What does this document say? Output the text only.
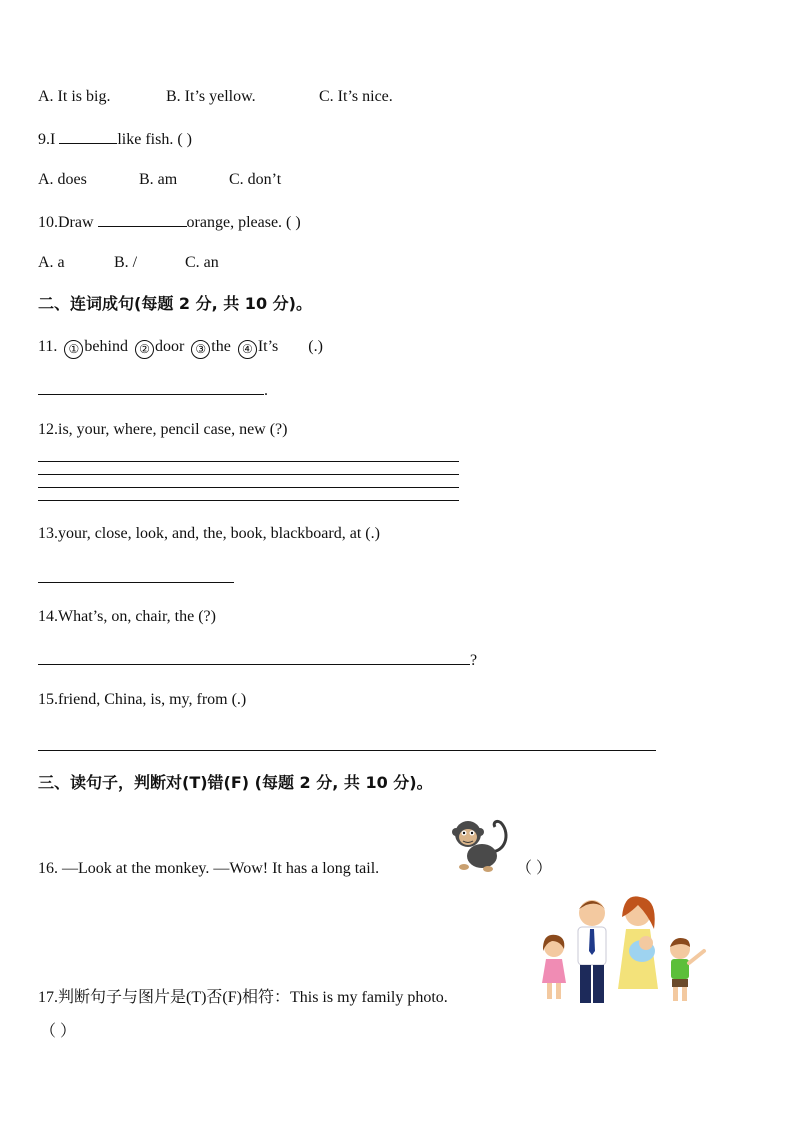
A. It is big.	B. It’s yellow.	C. It’s nice.
9.I	like fish. ( )
A. does	B. am	C. don’t
10.Draw	orange, please. ( )
A. a	B. /	C. an
二、连词成句(每题 2 分, 共 10 分)。
11. ① behind ② door ③ the ④ It’s (.)
.
12.is, your, where, pencil case, new (?)
13.your, close, look, and, the, book, blackboard, at (.)
14.What’s, on, chair, the (?)
?
15.friend, China, is, my, from (.)
三、读句子，判断对(T)错(F) (每题 2 分, 共 10 分)。
16. —Look at the monkey. —Wow! It has a long tail.	（ ）
17.判断句子与图片是(T)否(F)相符：This is my family photo.
（ ）
